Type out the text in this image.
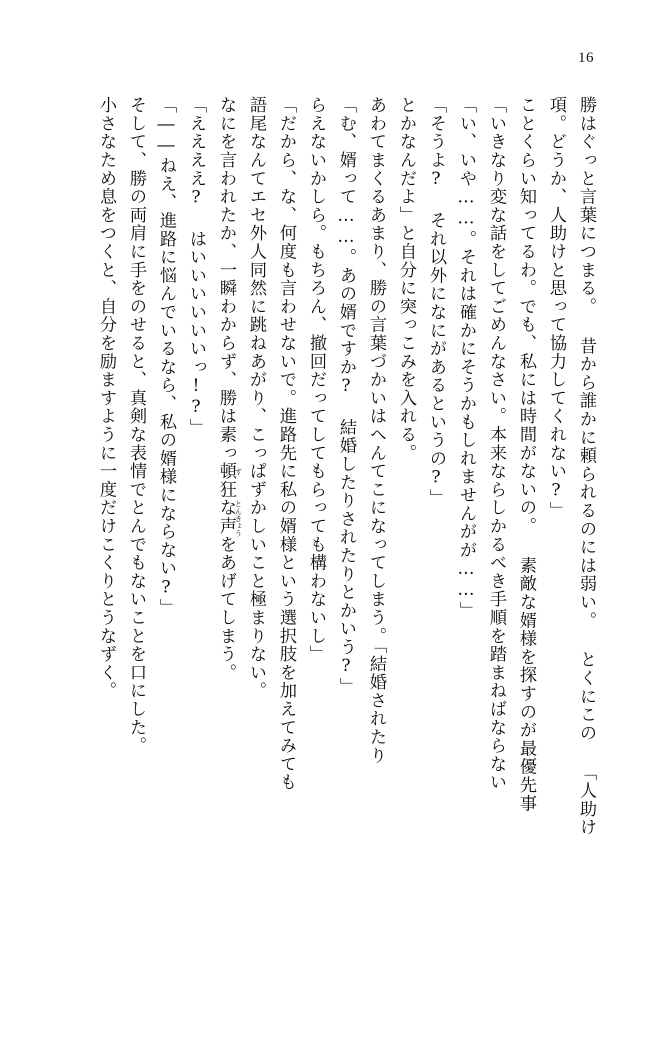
16
小さなため息をつくと、自分を励ますように一度だけこくりとうなずく。 そして、勝の両肩に手をのせると、真剣な表情でとんでもないことを口にした。 「――ねえ、進路に悩んでいるなら、私の婿様にならない?」 「ええええ? はいいいいいいっ!?」 なにを言われたか、一瞬わからず、勝は素っ頓狂な声をあげてしまう。
す
とんきょう 語尾なんてエセ外人同然に跳ねあがり、こっぱずかしいこと極まりない。 「だから、な、何度も言わせないで。進路先に私の婿様という選択肢を加えてみても らえないかしら。もちろん、撤回だってしてもらっても構わないし」 「む、婿って……。あの婿ですか? 結婚したりされたりとかいう?」 あわてまくるあまり、勝の言葉づかいはへんてこになってしまう。「結婚されたり とかなんだよ」と自分に突っこみを入れる。 「そうよ? それ以外になにがあるというの?」 「い、いや……。それは確かにそうかもしれませんがが……」 「いきなり変な話をしてごめんなさい。本来ならしかるべき手順を踏まねばならない ことくらい知ってるわ。でも、私には時間がないの。 素敵な婿様を探すのが最優先事 項。どうか、人助けと思って協力してくれない?」 勝はぐっと言葉につまる。 昔から誰かに頼られるのには弱い。 とくにこの 「人助け
